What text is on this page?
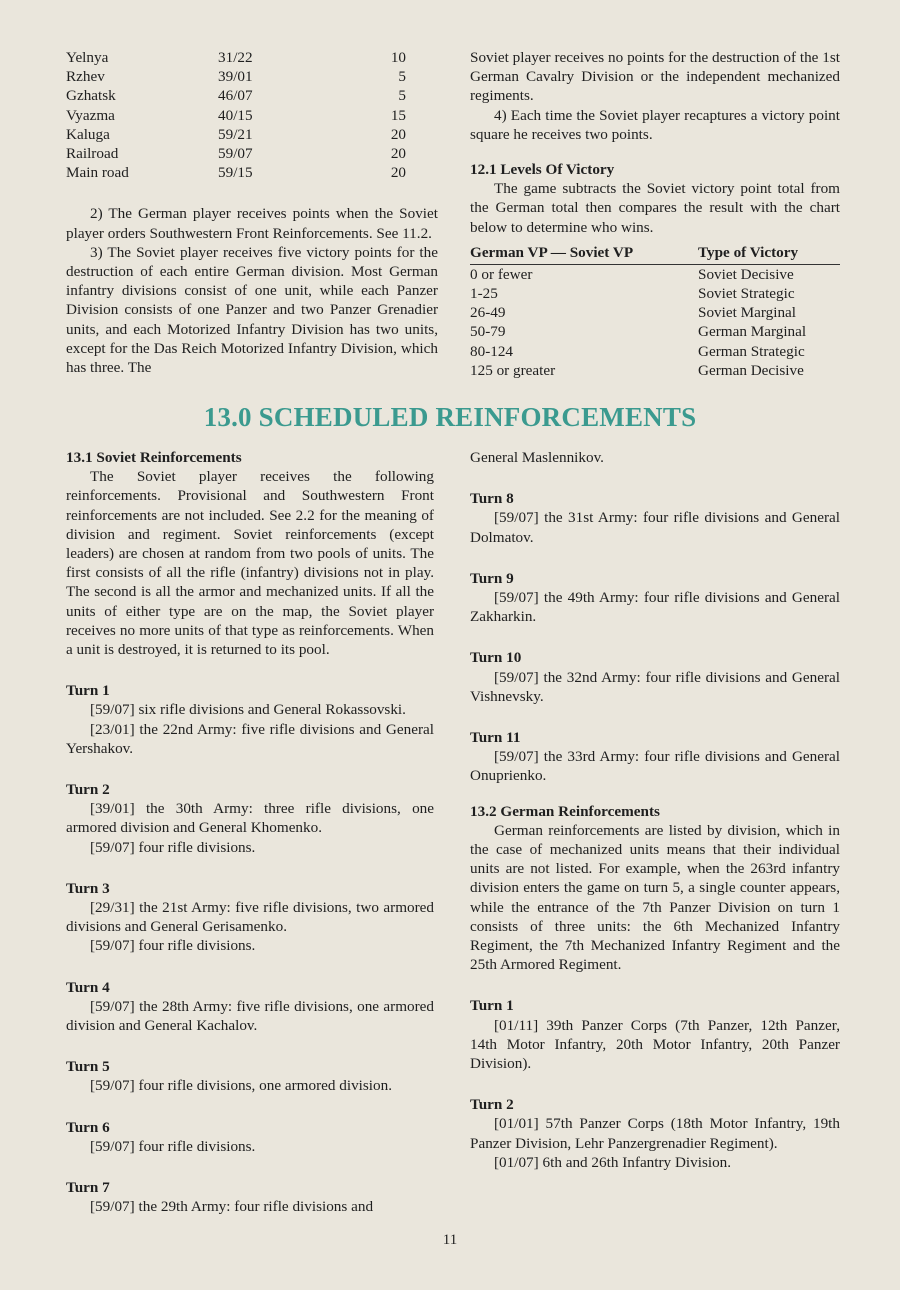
Yelnya	31/22	10
Rzhev	39/01	5
Gzhatsk	46/07	5
Vyazma	40/15	15
Kaluga	59/21	20
Railroad	59/07	20
Main road	59/15	20

2) The German player receives points when the Soviet player orders Southwestern Front Reinforcements. See 11.2.

3) The Soviet player receives five victory points for the destruction of each entire German division. Most German infantry divisions consist of one unit, while each Panzer Division consists of one Panzer and two Panzer Grenadier units, and each Motorized Infantry Division has two units, except for the Das Reich Motorized Infantry Division, which has three. The

Soviet player receives no points for the destruction of the 1st German Cavalry Division or the independent mechanized regiments.

4) Each time the Soviet player recaptures a victory point square he receives two points.

12.1 Levels Of Victory

The game subtracts the Soviet victory point total from the German total then compares the result with the chart below to determine who wins.

German VP — Soviet VP	Type of Victory
0 or fewer	Soviet Decisive
1-25	Soviet Strategic
26-49	Soviet Marginal
50-79	German Marginal
80-124	German Strategic
125 or greater	German Decisive
13.0 SCHEDULED REINFORCEMENTS
13.1 Soviet Reinforcements

The Soviet player receives the following reinforcements. Provisional and Southwestern Front reinforcements are not included. See 2.2 for the meaning of division and regiment. Soviet reinforcements (except leaders) are chosen at random from two pools of units. The first consists of all the rifle (infantry) divisions not in play. The second is all the armor and mechanized units. If all the units of either type are on the map, the Soviet player receives no more units of that type as reinforcements. When a unit is destroyed, it is returned to its pool.

Turn 1

[59/07] six rifle divisions and General Rokassovski.

[23/01] the 22nd Army: five rifle divisions and General Yershakov.

Turn 2

[39/01] the 30th Army: three rifle divisions, one armored division and General Khomenko.

[59/07] four rifle divisions.

Turn 3

[29/31] the 21st Army: five rifle divisions, two armored divisions and General Gerisamenko.

[59/07] four rifle divisions.

Turn 4

[59/07] the 28th Army: five rifle divisions, one armored division and General Kachalov.

Turn 5

[59/07] four rifle divisions, one armored division.

Turn 6

[59/07] four rifle divisions.

Turn 7

[59/07] the 29th Army: four rifle divisions and

General Maslennikov.

Turn 8

[59/07] the 31st Army: four rifle divisions and General Dolmatov.

Turn 9

[59/07] the 49th Army: four rifle divisions and General Zakharkin.

Turn 10

[59/07] the 32nd Army: four rifle divisions and General Vishnevsky.

Turn 11

[59/07] the 33rd Army: four rifle divisions and General Onuprienko.

13.2 German Reinforcements

German reinforcements are listed by division, which in the case of mechanized units means that their individual units are not listed. For example, when the 263rd infantry division enters the game on turn 5, a single counter appears, while the entrance of the 7th Panzer Division on turn 1 consists of three units: the 6th Mechanized Infantry Regiment, the 7th Mechanized Infantry Regiment and the 25th Armored Regiment.

Turn 1

[01/11] 39th Panzer Corps (7th Panzer, 12th Panzer, 14th Motor Infantry, 20th Motor Infantry, 20th Panzer Division).

Turn 2

[01/01] 57th Panzer Corps (18th Motor Infantry, 19th Panzer Division, Lehr Panzergrenadier Regiment).

[01/07] 6th and 26th Infantry Division.

11
